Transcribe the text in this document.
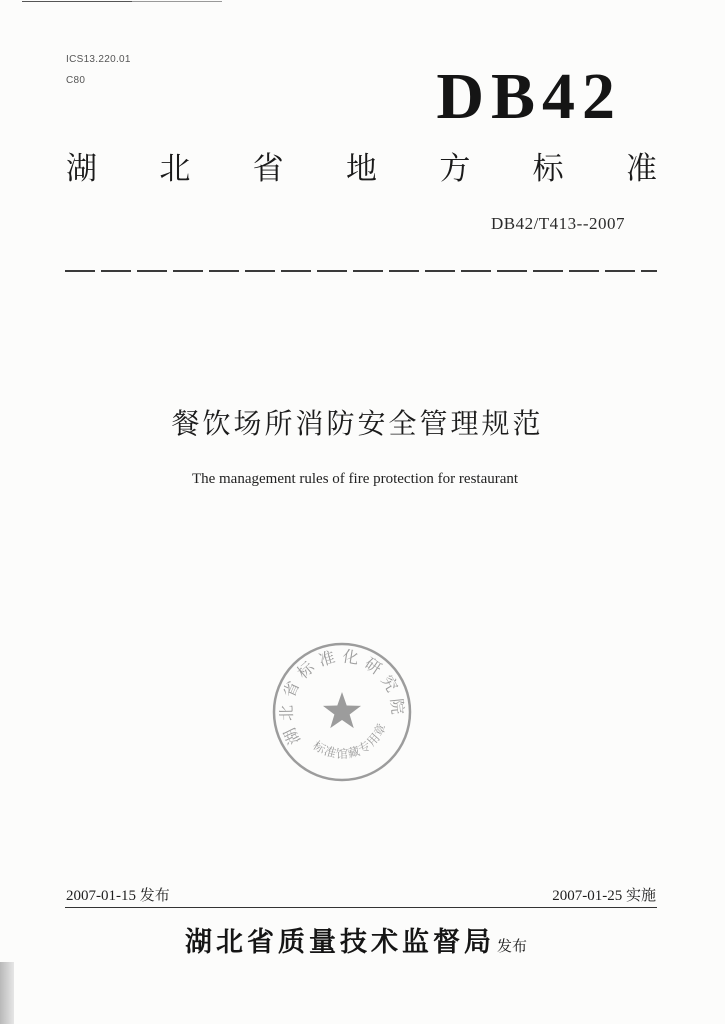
ICS13.220.01
C80	DB42
湖 北 省 地 方 标 准
DB42/T413--2007
餐饮场所消防安全管理规范
The management rules of fire protection for restaurant
湖北省标准化研究院
标准馆藏专用章
2007-01-15 发布	2007-01-25 实施
湖北省质量技术监督局 发布
